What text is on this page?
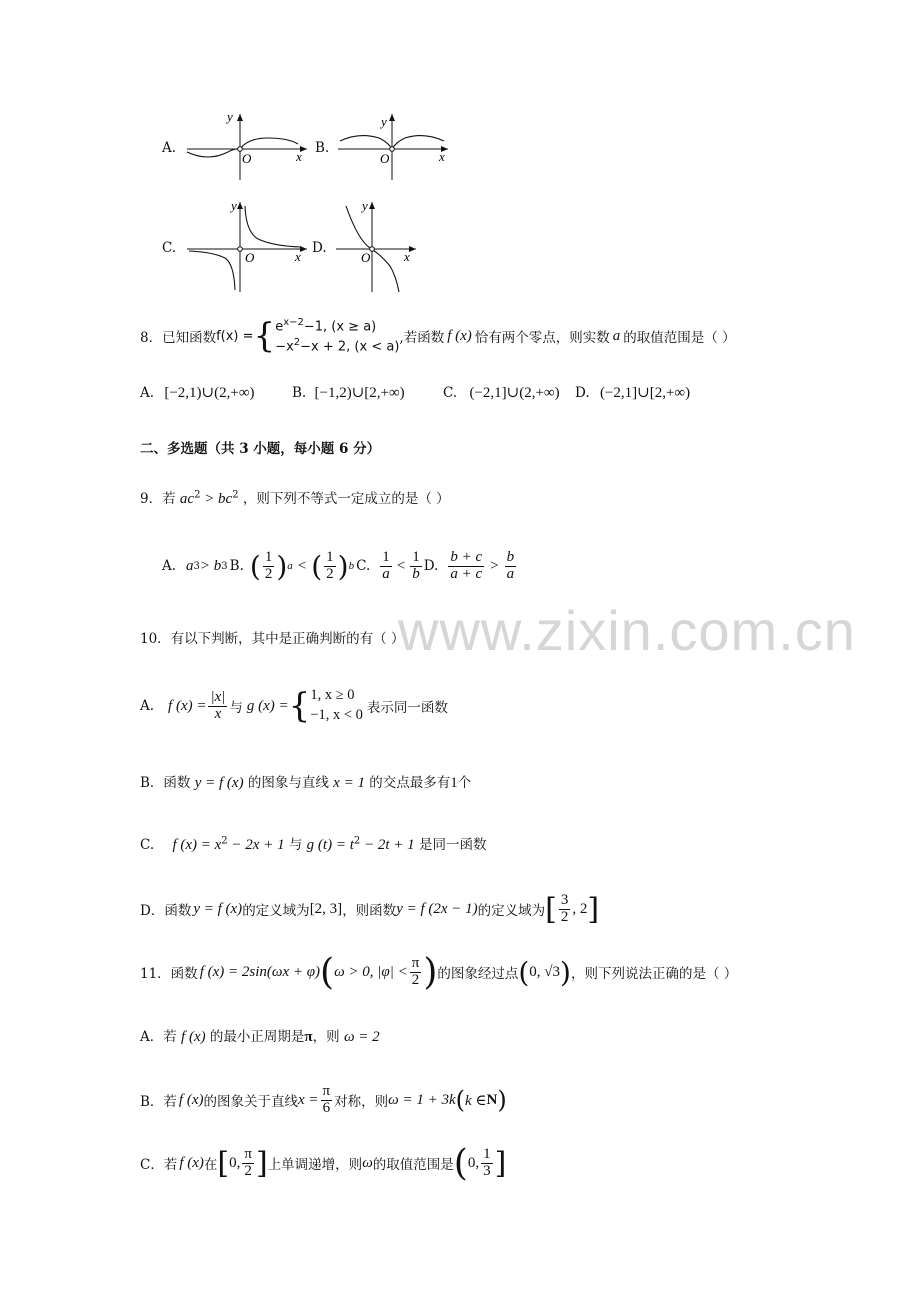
www.zixin.com.cn
A.
y
x
O
B.
y
x
O
C.
y
x
O
D.
y
x
O
8．已知函数 f(x) = { $e^{x-2}-1$, (x ≥ a)
$-x^2-x + 2$, (x < a)
,若函数 f (x) 恰有两个零点，则实数 a 的取值范围是（ ）
A. [−2,1)∪(2,+∞)	B. [−1,2)∪[2,+∞)	C. (−2,1]∪(2,+∞) D. (−2,1]∪[2,+∞)
二、多选题（共 3 小题，每小题 6 分）
9．若 $ac^2 > bc^2$ ，则下列不等式一定成立的是（ ）
A. a 3 > b 3 B. ( $\frac{1}{2}$ ) a < ( $\frac{1}{2}$ ) b C. $\frac{1}{a} < \frac{1}{b} D$. $\frac{b + c}{a + c} > \frac{b}{a}$
10．有以下判断，其中是正确判断的有（ ）
A. f $(x) = \frac{|x|}{x}$ 与 g (x) = { 1, x ≥ 0
−1, x < 0 表示同一函数
B．函数 y = f (x) 的图象与直线 x = 1 的交点最多有1个
C. f $(x) = x^2 - 2x + 1$ 与 g $(t) = t^2 - 2t + 1$ 是同一函数
D．函数 y = f (x) 的定义域为 [2, 3] ，则函数 y = f (2x − 1) 的定义域为 [ $\frac{3}{2}$ , 2 ]
11．函数 f (x) = 2sin(ωx + φ) ( ω > 0, $|\varphi| < \frac{\pi}{2}$ ) 的图象经过点 ( 0, √3 ) ，则下列说法正确的是（ ）
A．若 f (x) 的最小正周期是π，则 ω = 2
B．若 f (x) 的图象关于直线 $x = \frac{\pi}{6}$ 对称，则 ω = 1 + 3k ( k ∈ N )
C．若 f (x) 在 [ 0, $\frac{\pi}{2}$ ] 上单调递增，则 ω 的取值范围是 ( 0, $\frac{1}{3}$ ]
